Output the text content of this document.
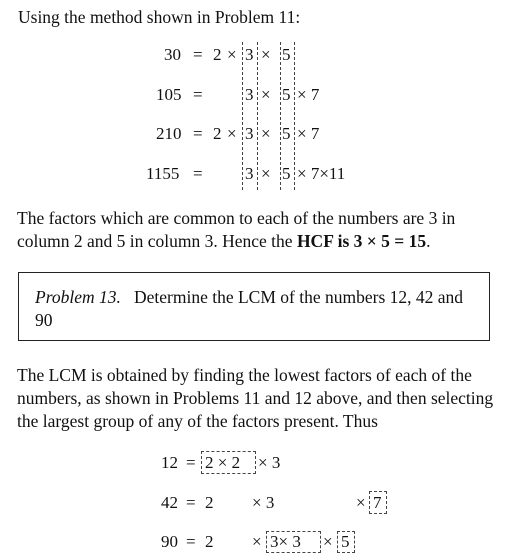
Using the method shown in Problem 11:
30 = 2 × 3 × 5
105 = 3 × 5 × 7
210 = 2 × 3 × 5 × 7
1155 = 3 × 5 × 7×11
The factors which are common to each of the numbers are 3 in column 2 and 5 in column 3. Hence the HCF is 3 × 5 = 15.
Problem 13. Determine the LCM of the numbers 12, 42 and 90
The LCM is obtained by finding the lowest factors of each of the numbers, as shown in Problems 11 and 12 above, and then selecting the largest group of any of the factors present. Thus
12 = 2 × 2 × 3
42 = 2 × 3	× 7
90 = 2 × 3× 3 × 5
